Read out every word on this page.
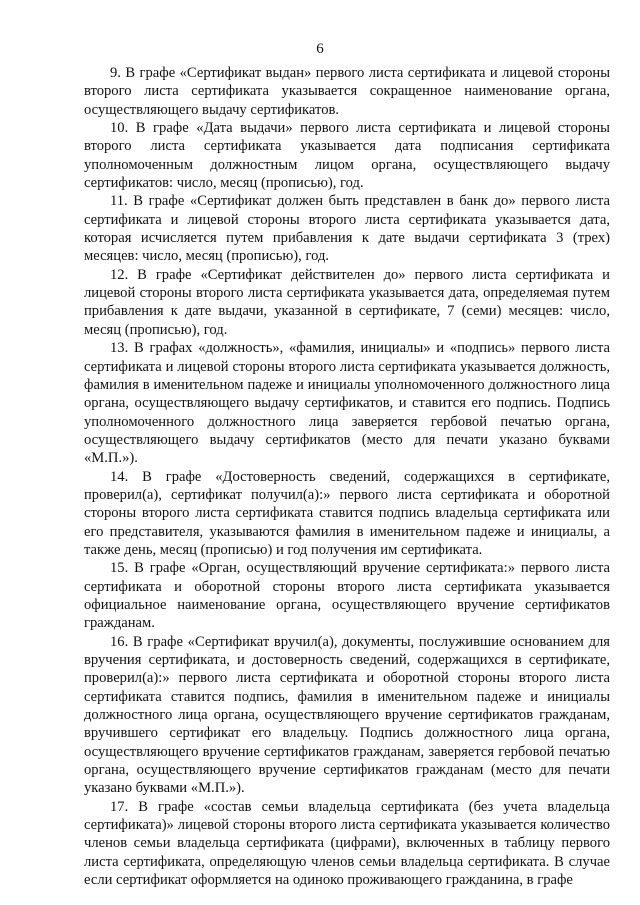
6

9. В графе «Сертификат выдан» первого листа сертификата и лицевой стороны второго листа сертификата указывается сокращенное наименование органа, осуществляющего выдачу сертификатов.

10. В графе «Дата выдачи» первого листа сертификата и лицевой стороны второго листа сертификата указывается дата подписания сертификата уполномоченным должностным лицом органа, осуществляющего выдачу сертификатов: число, месяц (прописью), год.

11. В графе «Сертификат должен быть представлен в банк до» первого листа сертификата и лицевой стороны второго листа сертификата указывается дата, которая исчисляется путем прибавления к дате выдачи сертификата 3 (трех) месяцев: число, месяц (прописью), год.

12. В графе «Сертификат действителен до» первого листа сертификата и лицевой стороны второго листа сертификата указывается дата, определяемая путем прибавления к дате выдачи, указанной в сертификате, 7 (семи) месяцев: число, месяц (прописью), год.

13. В графах «должность», «фамилия, инициалы» и «подпись» первого листа сертификата и лицевой стороны второго листа сертификата указывается должность, фамилия в именительном падеже и инициалы уполномоченного должностного лица органа, осуществляющего выдачу сертификатов, и ставится его подпись. Подпись уполномоченного должностного лица заверяется гербовой печатью органа, осуществляющего выдачу сертификатов (место для печати указано буквами «М.П.»).

14. В графе «Достоверность сведений, содержащихся в сертификате, проверил(а), сертификат получил(а):» первого листа сертификата и оборотной стороны второго листа сертификата ставится подпись владельца сертификата или его представителя, указываются фамилия в именительном падеже и инициалы, а также день, месяц (прописью) и год получения им сертификата.

15. В графе «Орган, осуществляющий вручение сертификата:» первого листа сертификата и оборотной стороны второго листа сертификата указывается официальное наименование органа, осуществляющего вручение сертификатов гражданам.

16. В графе «Сертификат вручил(а), документы, послужившие основанием для вручения сертификата, и достоверность сведений, содержащихся в сертификате, проверил(а):» первого листа сертификата и оборотной стороны второго листа сертификата ставится подпись, фамилия в именительном падеже и инициалы должностного лица органа, осуществляющего вручение сертификатов гражданам, вручившего сертификат его владельцу. Подпись должностного лица органа, осуществляющего вручение сертификатов гражданам, заверяется гербовой печатью органа, осуществляющего вручение сертификатов гражданам (место для печати указано буквами «М.П.»).

17. В графе «состав семьи владельца сертификата (без учета владельца сертификата)» лицевой стороны второго листа сертификата указывается количество членов семьи владельца сертификата (цифрами), включенных в таблицу первого листа сертификата, определяющую членов семьи владельца сертификата. В случае если сертификат оформляется на одиноко проживающего гражданина, в графе
